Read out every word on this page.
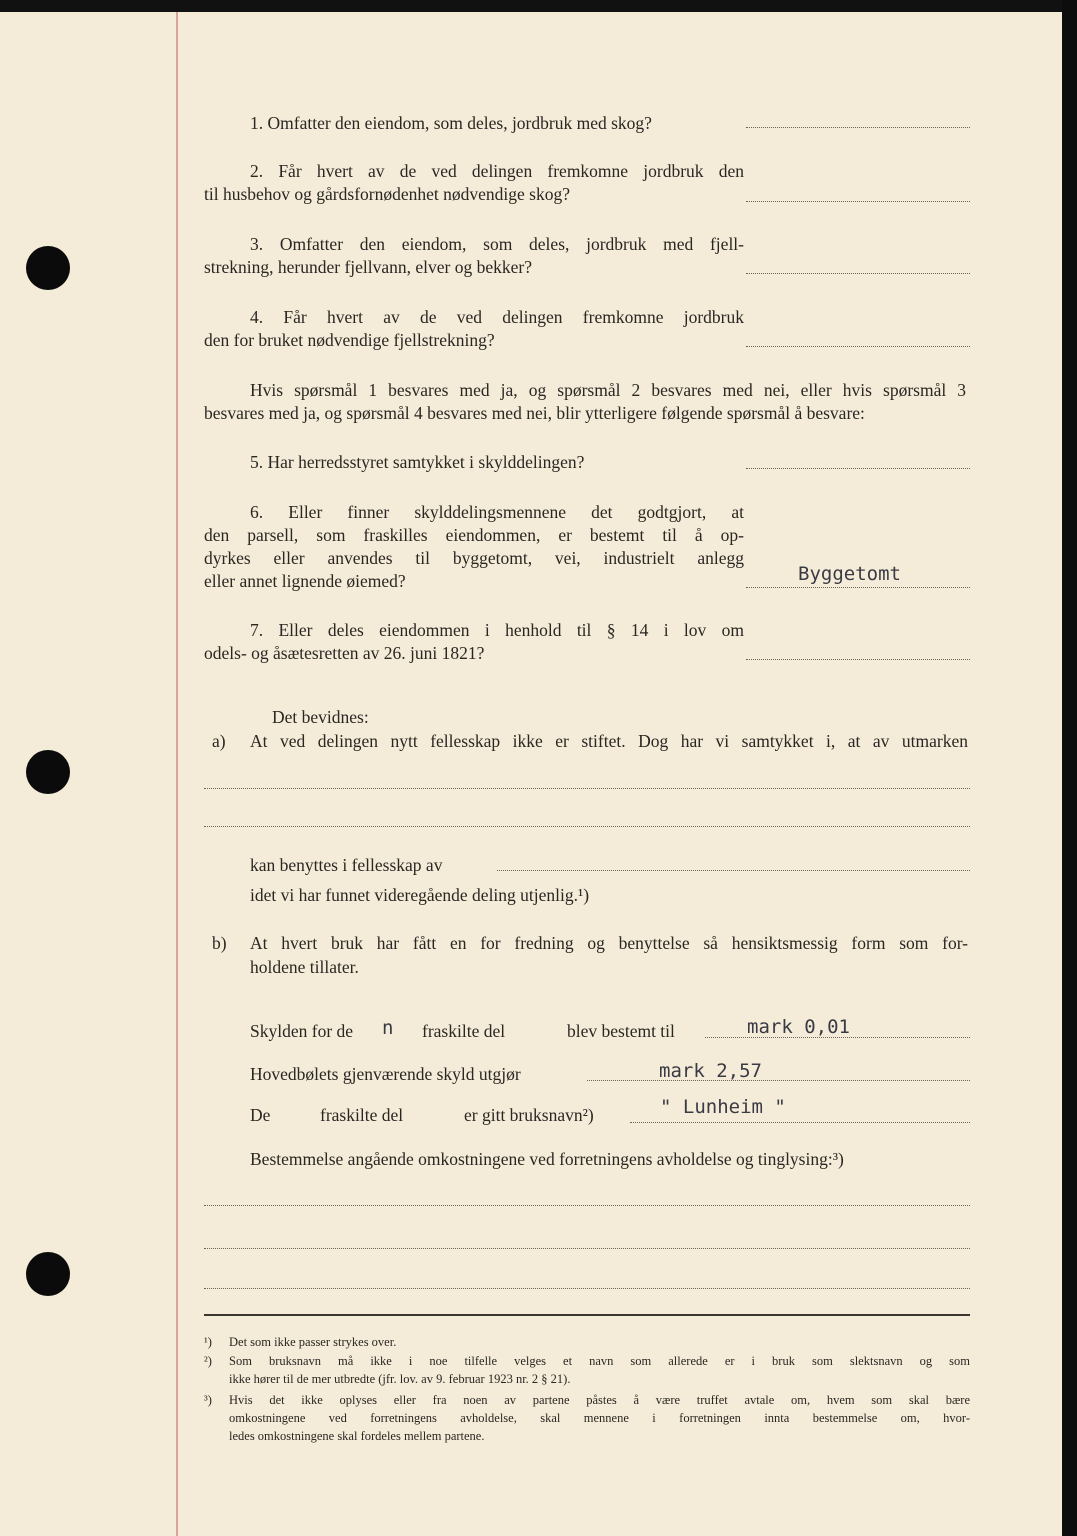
1. Omfatter den eiendom, som deles, jordbruk med skog?
2. Får hvert av de ved delingen fremkomne jordbruk den
til husbehov og gårdsfornødenhet nødvendige skog?
3. Omfatter den eiendom, som deles, jordbruk med fjell-
strekning, herunder fjellvann, elver og bekker?
4. Får hvert av de ved delingen fremkomne jordbruk
den for bruket nødvendige fjellstrekning?
Hvis spørsmål 1 besvares med ja, og spørsmål 2 besvares med nei, eller hvis spørsmål 3
besvares med ja, og spørsmål 4 besvares med nei, blir ytterligere følgende spørsmål å besvare:
5. Har herredsstyret samtykket i skylddelingen?
6. Eller finner skylddelingsmennene det godtgjort, at
den parsell, som fraskilles eiendommen, er bestemt til å op-
dyrkes eller anvendes til byggetomt, vei, industrielt anlegg
eller annet lignende øiemed?	Byggetomt
7. Eller deles eiendommen i henhold til § 14 i lov om
odels- og åsætesretten av 26. juni 1821?
Det bevidnes:
a) At ved delingen nytt fellesskap ikke er stiftet. Dog har vi samtykket i, at av utmarken
kan benyttes i fellesskap av
idet vi har funnet videregående deling utjenlig.¹)
b) At hvert bruk har fått en for fredning og benyttelse så hensiktsmessig form som for-
holdene tillater.
Skylden for de n fraskilte del	blev bestemt til	mark 0,01
Hovedbølets gjenværende skyld utgjør	mark 2,57
De	fraskilte del	er gitt bruksnavn²)	" Lunheim "
Bestemmelse angående omkostningene ved forretningens avholdelse og tinglysing:³)
¹) Det som ikke passer strykes over.
²) Som bruksnavn må ikke i noe tilfelle velges et navn som allerede er i bruk som slektsnavn og som
ikke hører til de mer utbredte (jfr. lov. av 9. februar 1923 nr. 2 § 21).
³) Hvis det ikke oplyses eller fra noen av partene påstes å være truffet avtale om, hvem som skal bære
omkostningene ved forretningens avholdelse, skal mennene i forretningen innta bestemmelse om, hvor-
ledes omkostningene skal fordeles mellem partene.
